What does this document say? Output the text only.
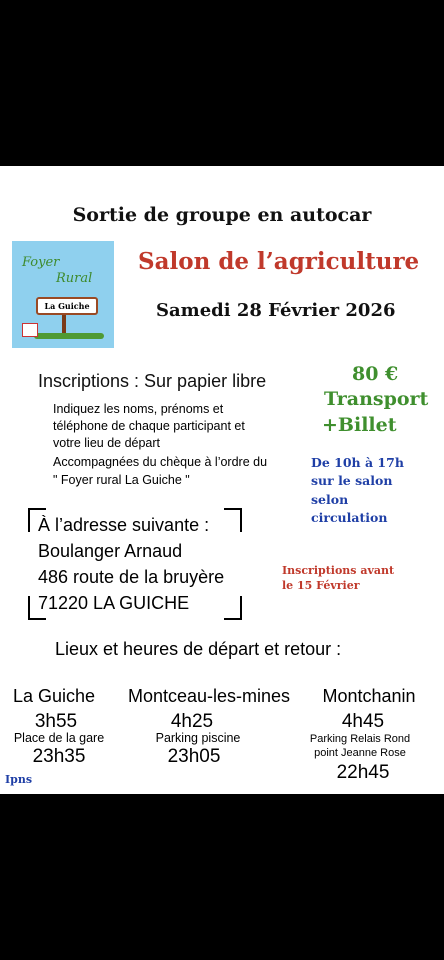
Sortie de groupe en autocar
Foyer
Rural
La Guiche
Salon de l’agriculture
Samedi 28 Février 2026
Inscriptions : Sur papier libre
Indiquez les noms, prénoms et
téléphone de chaque participant et
votre lieu de départ
Accompagnées du chèque à l’ordre du
" Foyer rural La Guiche "
80 €
Transport
+Billet
De 10h à 17h
sur le salon
selon
circulation
Inscriptions avant
le 15 Février
À l’adresse suivante :
Boulanger Arnaud
486 route de la bruyère
71220 LA GUICHE
Lieux et heures de départ et retour :
La Guiche
3h55
Place de la gare
23h35
Montceau-les-mines
4h25
Parking piscine
23h05
Montchanin
4h45
Parking Relais Rond
point Jeanne Rose
22h45
Ipns
